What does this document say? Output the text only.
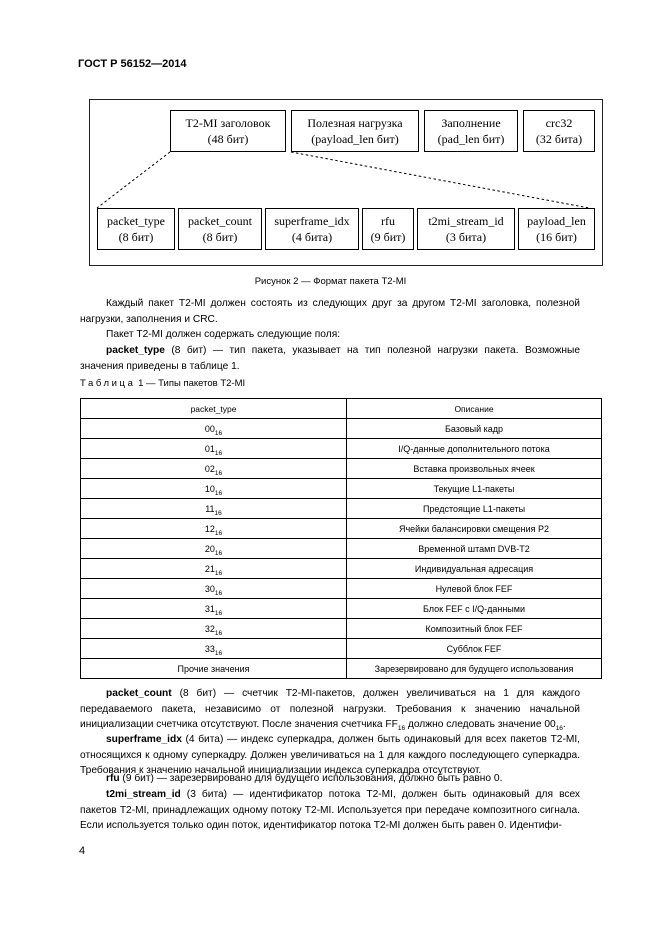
ГОСТ Р 56152—2014
T2-MI заголовок
(48 бит)
Полезная нагрузка
(payload_len бит)
Заполнение
(pad_len бит)
crc32
(32 бита)
packet_type
(8 бит)
packet_count
(8 бит)
superframe_idx
(4 бита)
rfu
(9 бит)
t2mi_stream_id
(3 бита)
payload_len
(16 бит)
Рисунок 2 — Формат пакета T2-MI
Каждый пакет T2-MI должен состоять из следующих друг за другом T2-MI заголовка, полезной нагрузки, заполнения и CRC.
Пакет T2-MI должен содержать следующие поля:
packet_type (8 бит) — тип пакета, указывает на тип полезной нагрузки пакета. Возможные значения приведены в таблице 1.
Таблица 1 — Типы пакетов T2-MI
packet_type	Описание
$00_{16}$	Базовый кадр
$01_{16}$	I/Q-данные дополнительного потока
$02_{16}$	Вставка произвольных ячеек
$10_{16}$	Текущие L1-пакеты
$11_{16}$	Предстоящие L1-пакеты
$12_{16}$	Ячейки балансировки смещения P2
$20_{16}$	Временной штамп DVB-T2
$21_{16}$	Индивидуальная адресация
$30_{16}$	Нулевой блок FEF
$31_{16}$	Блок FEF с I/Q-данными
$32_{16}$	Композитный блок FEF
$33_{16}$	Субблок FEF
Прочие значения	Зарезервировано для будущего использования
packet_count (8 бит) — счетчик T2-MI-пакетов, должен увеличиваться на 1 для каждого передаваемого пакета, независимо от полезной нагрузки. Требования к значению начальной инициализации счетчика отсутствуют. После значения счетчика $FF_{16}$ должно следовать значение $00_{16}$.
superframe_idx (4 бита) — индекс суперкадра, должен быть одинаковый для всех пакетов T2-MI, относящихся к одному суперкадру. Должен увеличиваться на 1 для каждого последующего суперкадра. Требования к значению начальной инициализации индекса суперкадра отсутствуют.
rfu (9 бит) — зарезервировано для будущего использования, должно быть равно 0.
t2mi_stream_id (3 бита) — идентификатор потока T2-MI, должен быть одинаковый для всех пакетов T2-MI, принадлежащих одному потоку T2-MI. Используется при передаче композитного сигнала. Если используется только один поток, идентификатор потока T2-MI должен быть равен 0. Идентифи-
4
